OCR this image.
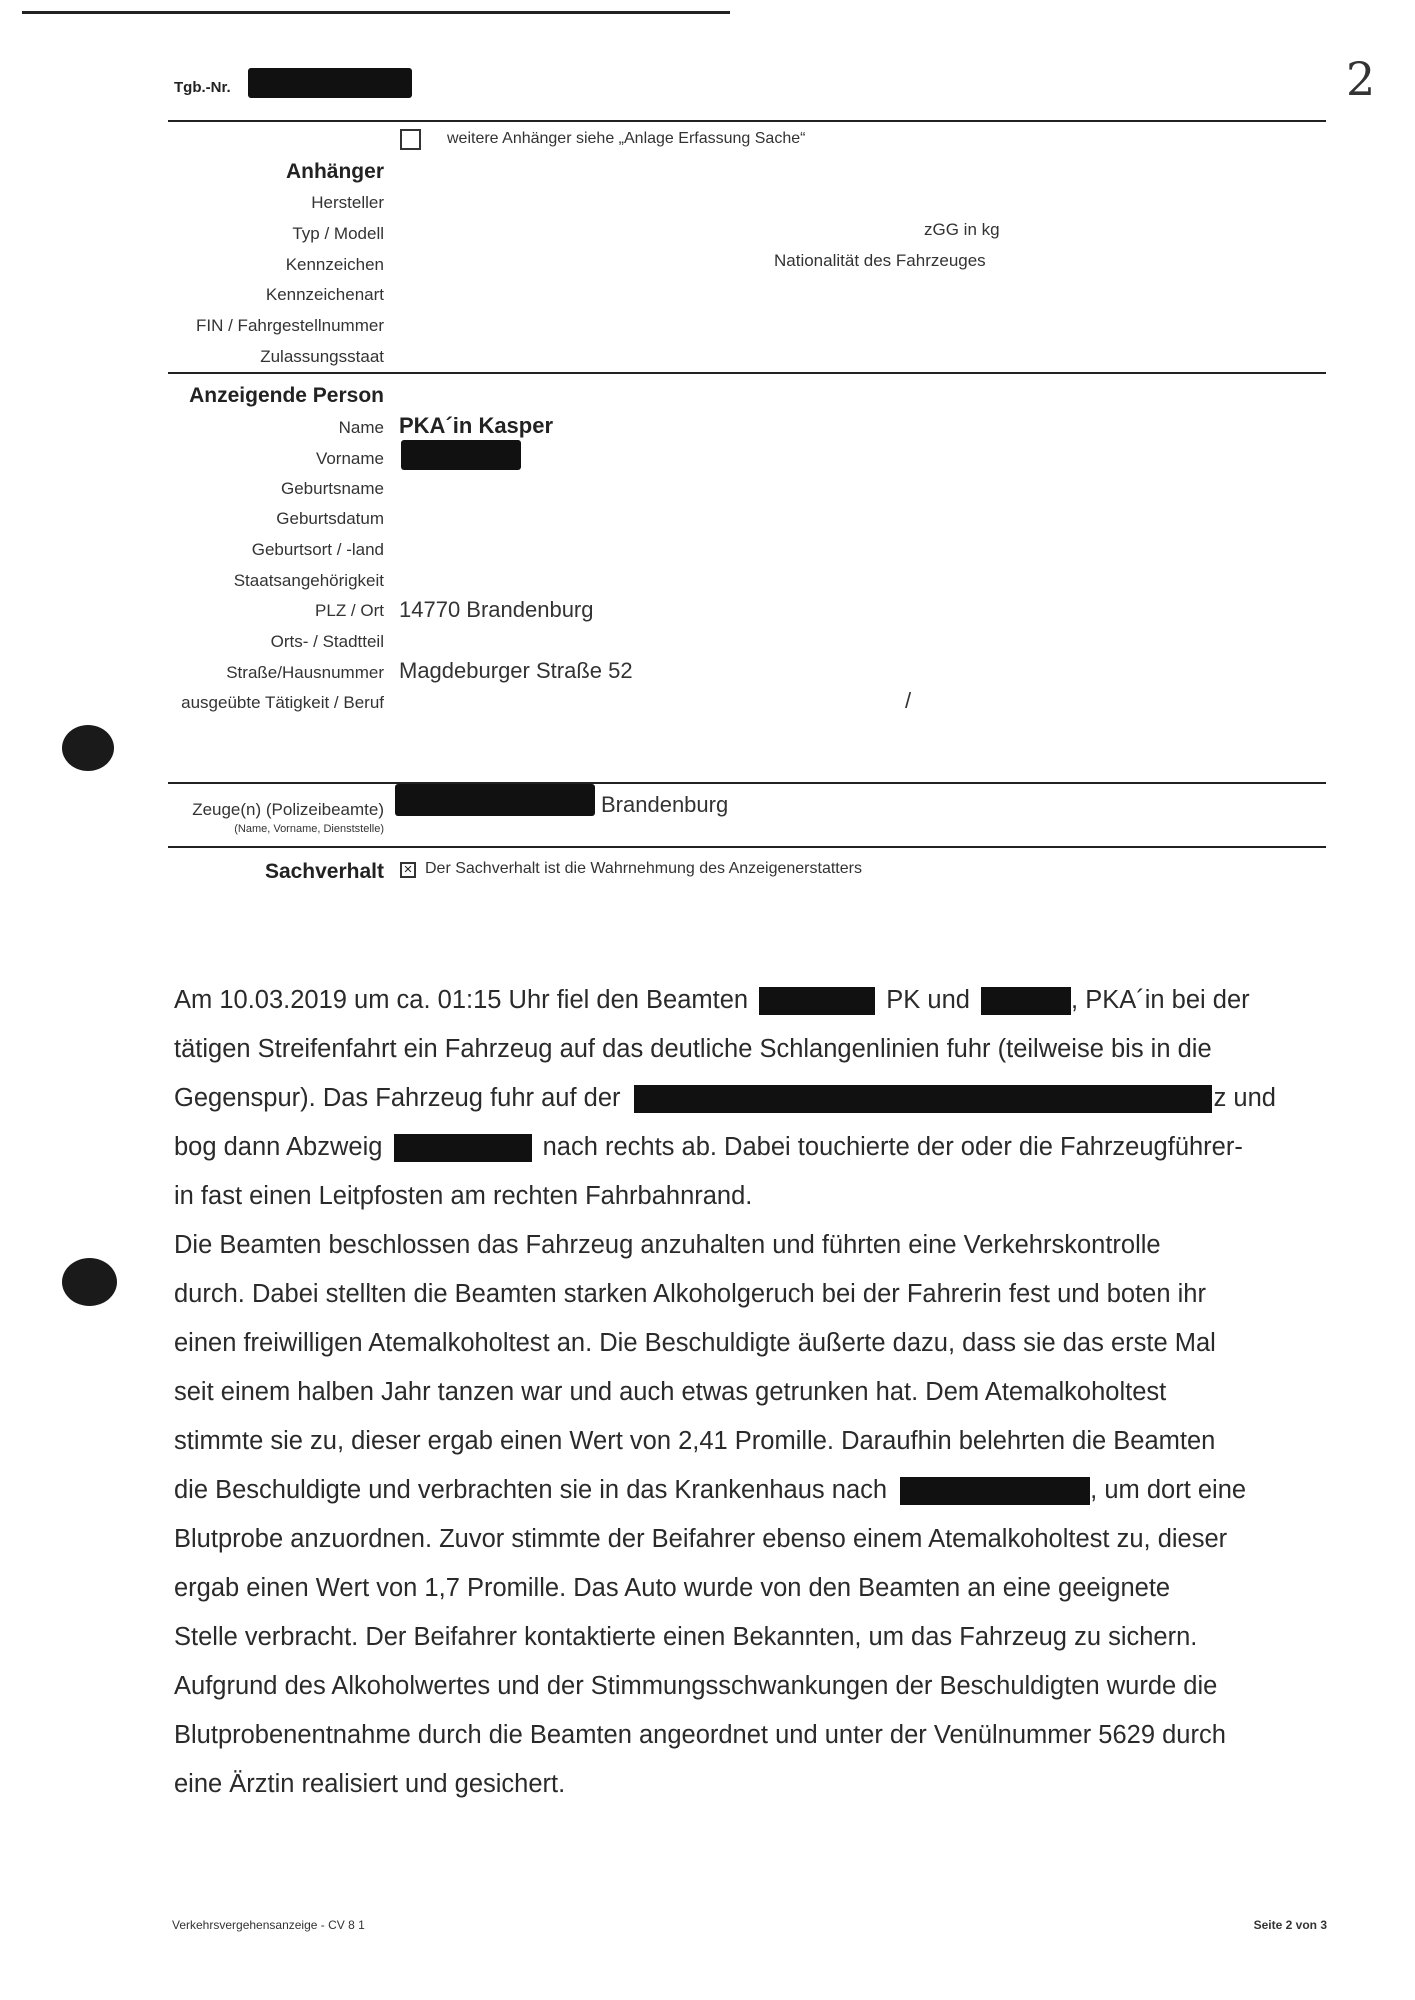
Tgb.-Nr.	2
weitere Anhänger siehe „Anlage Erfassung Sache“
Anhänger
Hersteller
Typ / Modell
Kennzeichen
Kennzeichenart
FIN / Fahrgestellnummer
Zulassungsstaat
zGG in kg
Nationalität des Fahrzeuges
Anzeigende Person
Name PKA´in Kasper
Vorname
Geburtsname
Geburtsdatum
Geburtsort / -land
Staatsangehörigkeit
PLZ / Ort 14770 Brandenburg
Orts- / Stadtteil
Straße/Hausnummer Magdeburger Straße 52
ausgeübte Tätigkeit / Beruf	/
Zeuge(n) (Polizeibeamte)
(Name, Vorname, Dienststelle)
Brandenburg
Sachverhalt × Der Sachverhalt ist die Wahrnehmung des Anzeigenerstatters
Am 10.03.2019 um ca. 01:15 Uhr fiel den Beamten	PK und	, PKA´in bei der
tätigen Streifenfahrt ein Fahrzeug auf das deutliche Schlangenlinien fuhr (teilweise bis in die
Gegenspur). Das Fahrzeug fuhr auf der	z und
bog dann Abzweig	nach rechts ab. Dabei touchierte der oder die Fahrzeugführer-
in fast einen Leitpfosten am rechten Fahrbahnrand.
Die Beamten beschlossen das Fahrzeug anzuhalten und führten eine Verkehrskontrolle
durch. Dabei stellten die Beamten starken Alkoholgeruch bei der Fahrerin fest und boten ihr
einen freiwilligen Atemalkoholtest an. Die Beschuldigte äußerte dazu, dass sie das erste Mal
seit einem halben Jahr tanzen war und auch etwas getrunken hat. Dem Atemalkoholtest
stimmte sie zu, dieser ergab einen Wert von 2,41 Promille. Daraufhin belehrten die Beamten
die Beschuldigte und verbrachten sie in das Krankenhaus nach	, um dort eine
Blutprobe anzuordnen. Zuvor stimmte der Beifahrer ebenso einem Atemalkoholtest zu, dieser
ergab einen Wert von 1,7 Promille. Das Auto wurde von den Beamten an eine geeignete
Stelle verbracht. Der Beifahrer kontaktierte einen Bekannten, um das Fahrzeug zu sichern.
Aufgrund des Alkoholwertes und der Stimmungsschwankungen der Beschuldigten wurde die
Blutprobenentnahme durch die Beamten angeordnet und unter der Venülnummer 5629 durch
eine Ärztin realisiert und gesichert.
Verkehrsvergehensanzeige - CV 8 1	Seite 2 von 3
